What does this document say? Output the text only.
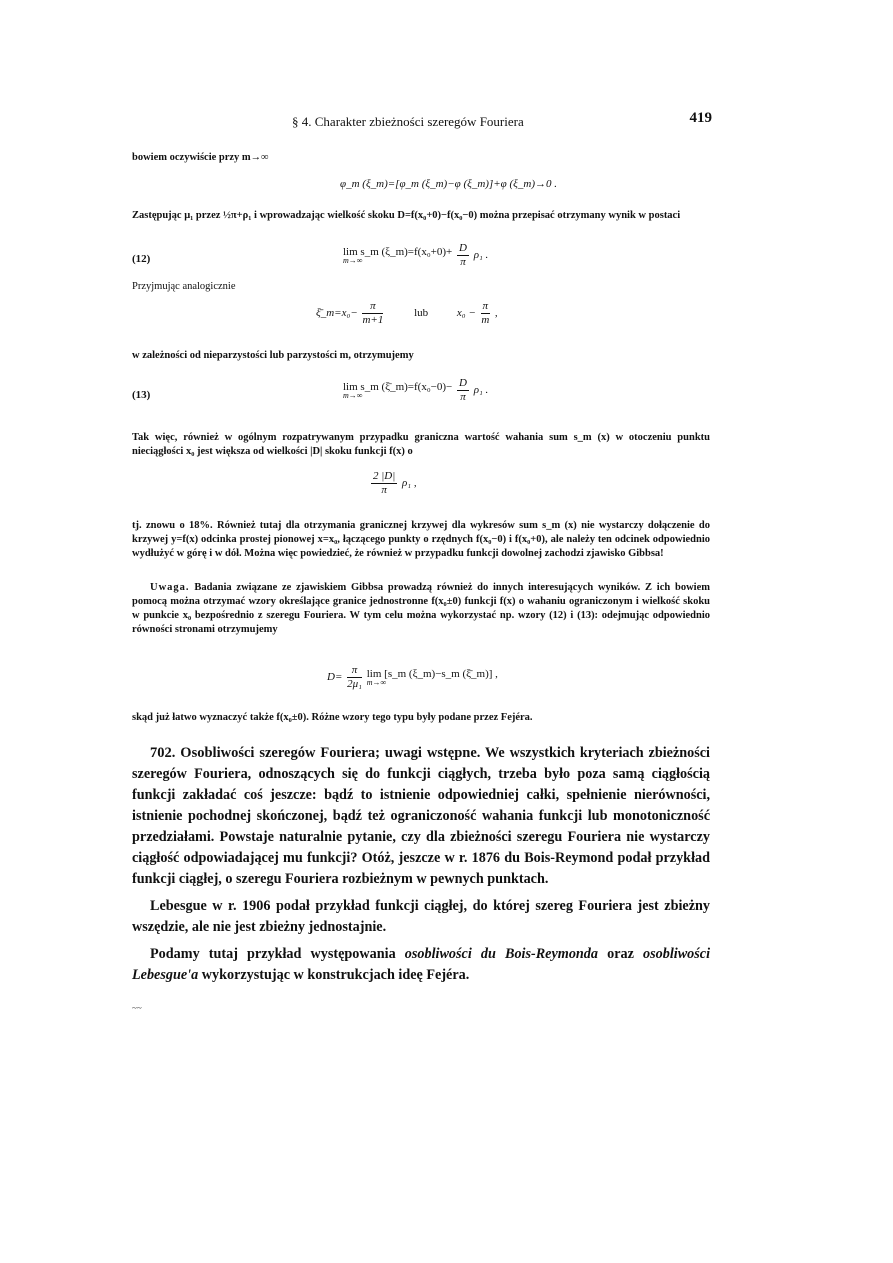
§ 4. Charakter zbieżności szeregów Fouriera	419
bowiem oczywiście przy m→∞
φ_m (ξ_m)=[φ_m (ξ_m)−φ (ξ_m)]+φ (ξ_m)→0 .
Zastępując μ₁ przez ½π+ρ₁ i wprowadzając wielkość skoku D=f(x₀+0)−f(x₀−0) można przepisać otrzymany wynik w postaci
(12)
lim s_m (ξ_m)=f(x₀+0)+
m→∞
	$\frac{D}{\pi} \rho_1$ .
Przyjmując analogicznie
ξ̄_m=x₀− $\frac{\pi}{m+1}$	lub	$x_0 - \frac{\pi}{m}$ ,
w zależności od nieparzystości lub parzystości m, otrzymujemy
(13)
lim s_m (ξ̄_m)=f(x₀−0)−
m→∞
	$\frac{D}{\pi} \rho_1$ .
Tak więc, również w ogólnym rozpatrywanym przypadku graniczna wartość wahania sum s_m (x) w otoczeniu punktu nieciągłości x₀ jest większa od wielkości |D| skoku funkcji f(x) o
$\frac{2 |D|}{\pi} \rho_1$ ,
tj. znowu o 18%. Również tutaj dla otrzymania granicznej krzywej dla wykresów sum s_m (x) nie wystarczy dołączenie do krzywej y=f(x) odcinka prostej pionowej x=x₀, łączącego punkty o rzędnych f(x₀−0) i f(x₀+0), ale należy ten odcinek odpowiednio wydłużyć w górę i w dół. Można więc powiedzieć, że również w przypadku funkcji dowolnej zachodzi zjawisko Gibbsa!
Uwaga. Badania związane ze zjawiskiem Gibbsa prowadzą również do innych interesujących wyników. Z ich bowiem pomocą można otrzymać wzory określające granice jednostronne f(x₀±0) funkcji f(x) o wahaniu ograniczonym i wielkość skoku w punkcie x₀ bezpośrednio z szeregu Fouriera. W tym celu można wykorzystać np. wzory (12) i (13): odejmując odpowiednio równości stronami otrzymujemy
$D= \frac{\pi}{\text{2μ₁}}$ lim [s_m (ξ_m)−s_m (ξ̄_m)] ,
m→∞
skąd już łatwo wyznaczyć także f(x₀±0). Różne wzory tego typu były podane przez Fejéra.
702. Osobliwości szeregów Fouriera; uwagi wstępne. We wszystkich kryteriach zbieżności szeregów Fouriera, odnoszących się do funkcji ciągłych, trzeba było poza samą ciągłością funkcji zakładać coś jeszcze: bądź to istnienie odpowiedniej całki, spełnienie nierówności, istnienie pochodnej skończonej, bądź też ograniczoność wahania funkcji lub monotoniczność przedziałami. Powstaje naturalnie pytanie, czy dla zbieżności szeregu Fouriera nie wystarczy ciągłość odpowiadającej mu funkcji? Otóż, jeszcze w r. 1876 du Bois-Reymond podał przykład funkcji ciągłej, o szeregu Fouriera rozbieżnym w pewnych punktach.
Lebesgue w r. 1906 podał przykład funkcji ciągłej, do której szereg Fouriera jest zbieżny wszędzie, ale nie jest zbieżny jednostajnie.
Podamy tutaj przykład występowania osobliwości du Bois-Reymonda oraz osobliwości Lebesgue'a wykorzystując w konstrukcjach ideę Fejéra.
~~
